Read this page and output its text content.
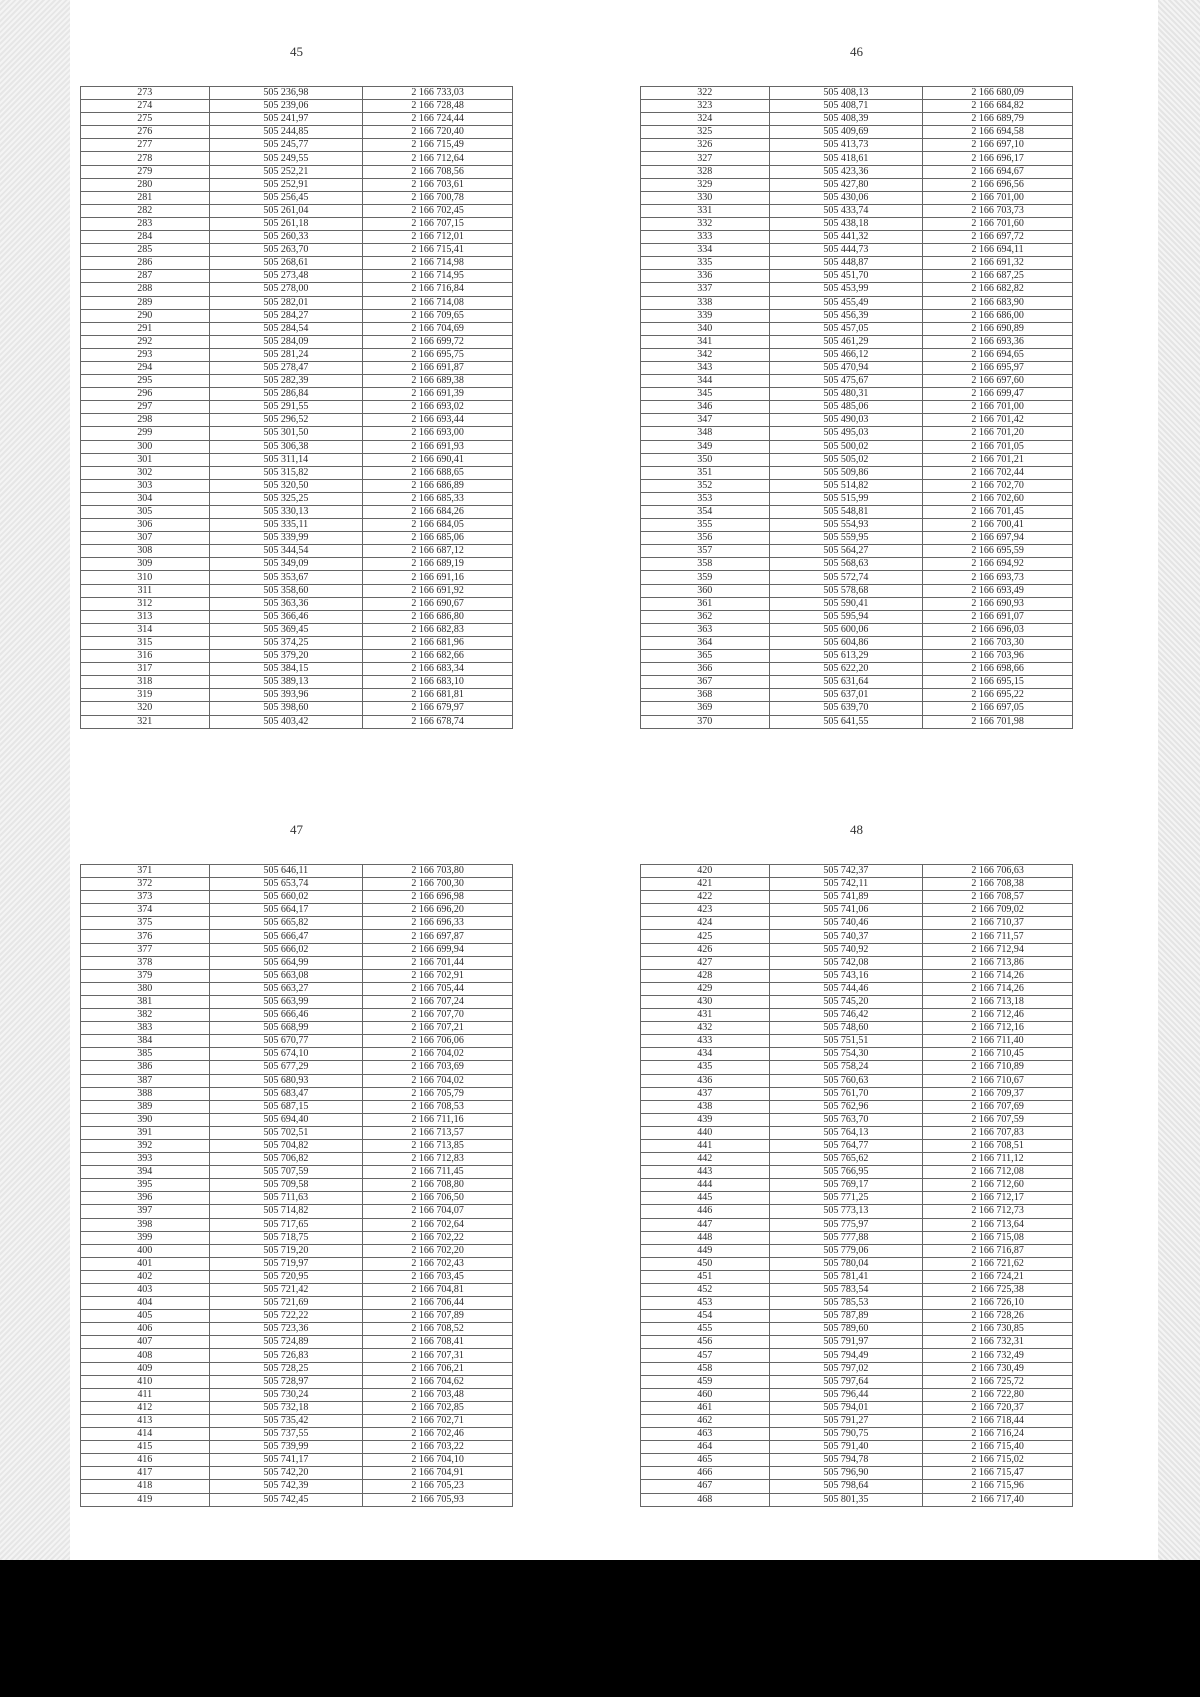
45
273	505 236,98	2 166 733,03
274	505 239,06	2 166 728,48
275	505 241,97	2 166 724,44
276	505 244,85	2 166 720,40
277	505 245,77	2 166 715,49
278	505 249,55	2 166 712,64
279	505 252,21	2 166 708,56
280	505 252,91	2 166 703,61
281	505 256,45	2 166 700,78
282	505 261,04	2 166 702,45
283	505 261,18	2 166 707,15
284	505 260,33	2 166 712,01
285	505 263,70	2 166 715,41
286	505 268,61	2 166 714,98
287	505 273,48	2 166 714,95
288	505 278,00	2 166 716,84
289	505 282,01	2 166 714,08
290	505 284,27	2 166 709,65
291	505 284,54	2 166 704,69
292	505 284,09	2 166 699,72
293	505 281,24	2 166 695,75
294	505 278,47	2 166 691,87
295	505 282,39	2 166 689,38
296	505 286,84	2 166 691,39
297	505 291,55	2 166 693,02
298	505 296,52	2 166 693,44
299	505 301,50	2 166 693,00
300	505 306,38	2 166 691,93
301	505 311,14	2 166 690,41
302	505 315,82	2 166 688,65
303	505 320,50	2 166 686,89
304	505 325,25	2 166 685,33
305	505 330,13	2 166 684,26
306	505 335,11	2 166 684,05
307	505 339,99	2 166 685,06
308	505 344,54	2 166 687,12
309	505 349,09	2 166 689,19
310	505 353,67	2 166 691,16
311	505 358,60	2 166 691,92
312	505 363,36	2 166 690,67
313	505 366,46	2 166 686,80
314	505 369,45	2 166 682,83
315	505 374,25	2 166 681,96
316	505 379,20	2 166 682,66
317	505 384,15	2 166 683,34
318	505 389,13	2 166 683,10
319	505 393,96	2 166 681,81
320	505 398,60	2 166 679,97
321	505 403,42	2 166 678,74
46
322	505 408,13	2 166 680,09
323	505 408,71	2 166 684,82
324	505 408,39	2 166 689,79
325	505 409,69	2 166 694,58
326	505 413,73	2 166 697,10
327	505 418,61	2 166 696,17
328	505 423,36	2 166 694,67
329	505 427,80	2 166 696,56
330	505 430,06	2 166 701,00
331	505 433,74	2 166 703,73
332	505 438,18	2 166 701,60
333	505 441,32	2 166 697,72
334	505 444,73	2 166 694,11
335	505 448,87	2 166 691,32
336	505 451,70	2 166 687,25
337	505 453,99	2 166 682,82
338	505 455,49	2 166 683,90
339	505 456,39	2 166 686,00
340	505 457,05	2 166 690,89
341	505 461,29	2 166 693,36
342	505 466,12	2 166 694,65
343	505 470,94	2 166 695,97
344	505 475,67	2 166 697,60
345	505 480,31	2 166 699,47
346	505 485,06	2 166 701,00
347	505 490,03	2 166 701,42
348	505 495,03	2 166 701,20
349	505 500,02	2 166 701,05
350	505 505,02	2 166 701,21
351	505 509,86	2 166 702,44
352	505 514,82	2 166 702,70
353	505 515,99	2 166 702,60
354	505 548,81	2 166 701,45
355	505 554,93	2 166 700,41
356	505 559,95	2 166 697,94
357	505 564,27	2 166 695,59
358	505 568,63	2 166 694,92
359	505 572,74	2 166 693,73
360	505 578,68	2 166 693,49
361	505 590,41	2 166 690,93
362	505 595,94	2 166 691,07
363	505 600,06	2 166 696,03
364	505 604,86	2 166 703,30
365	505 613,29	2 166 703,96
366	505 622,20	2 166 698,66
367	505 631,64	2 166 695,15
368	505 637,01	2 166 695,22
369	505 639,70	2 166 697,05
370	505 641,55	2 166 701,98
47
371	505 646,11	2 166 703,80
372	505 653,74	2 166 700,30
373	505 660,02	2 166 696,98
374	505 664,17	2 166 696,20
375	505 665,82	2 166 696,33
376	505 666,47	2 166 697,87
377	505 666,02	2 166 699,94
378	505 664,99	2 166 701,44
379	505 663,08	2 166 702,91
380	505 663,27	2 166 705,44
381	505 663,99	2 166 707,24
382	505 666,46	2 166 707,70
383	505 668,99	2 166 707,21
384	505 670,77	2 166 706,06
385	505 674,10	2 166 704,02
386	505 677,29	2 166 703,69
387	505 680,93	2 166 704,02
388	505 683,47	2 166 705,79
389	505 687,15	2 166 708,53
390	505 694,40	2 166 711,16
391	505 702,51	2 166 713,57
392	505 704,82	2 166 713,85
393	505 706,82	2 166 712,83
394	505 707,59	2 166 711,45
395	505 709,58	2 166 708,80
396	505 711,63	2 166 706,50
397	505 714,82	2 166 704,07
398	505 717,65	2 166 702,64
399	505 718,75	2 166 702,22
400	505 719,20	2 166 702,20
401	505 719,97	2 166 702,43
402	505 720,95	2 166 703,45
403	505 721,42	2 166 704,81
404	505 721,69	2 166 706,44
405	505 722,22	2 166 707,89
406	505 723,36	2 166 708,52
407	505 724,89	2 166 708,41
408	505 726,83	2 166 707,31
409	505 728,25	2 166 706,21
410	505 728,97	2 166 704,62
411	505 730,24	2 166 703,48
412	505 732,18	2 166 702,85
413	505 735,42	2 166 702,71
414	505 737,55	2 166 702,46
415	505 739,99	2 166 703,22
416	505 741,17	2 166 704,10
417	505 742,20	2 166 704,91
418	505 742,39	2 166 705,23
419	505 742,45	2 166 705,93
48
420	505 742,37	2 166 706,63
421	505 742,11	2 166 708,38
422	505 741,89	2 166 708,57
423	505 741,06	2 166 709,02
424	505 740,46	2 166 710,37
425	505 740,37	2 166 711,57
426	505 740,92	2 166 712,94
427	505 742,08	2 166 713,86
428	505 743,16	2 166 714,26
429	505 744,46	2 166 714,26
430	505 745,20	2 166 713,18
431	505 746,42	2 166 712,46
432	505 748,60	2 166 712,16
433	505 751,51	2 166 711,40
434	505 754,30	2 166 710,45
435	505 758,24	2 166 710,89
436	505 760,63	2 166 710,67
437	505 761,70	2 166 709,37
438	505 762,96	2 166 707,69
439	505 763,70	2 166 707,59
440	505 764,13	2 166 707,83
441	505 764,77	2 166 708,51
442	505 765,62	2 166 711,12
443	505 766,95	2 166 712,08
444	505 769,17	2 166 712,60
445	505 771,25	2 166 712,17
446	505 773,13	2 166 712,73
447	505 775,97	2 166 713,64
448	505 777,88	2 166 715,08
449	505 779,06	2 166 716,87
450	505 780,04	2 166 721,62
451	505 781,41	2 166 724,21
452	505 783,54	2 166 725,38
453	505 785,53	2 166 726,10
454	505 787,89	2 166 728,26
455	505 789,60	2 166 730,85
456	505 791,97	2 166 732,31
457	505 794,49	2 166 732,49
458	505 797,02	2 166 730,49
459	505 797,64	2 166 725,72
460	505 796,44	2 166 722,80
461	505 794,01	2 166 720,37
462	505 791,27	2 166 718,44
463	505 790,75	2 166 716,24
464	505 791,40	2 166 715,40
465	505 794,78	2 166 715,02
466	505 796,90	2 166 715,47
467	505 798,64	2 166 715,96
468	505 801,35	2 166 717,40
